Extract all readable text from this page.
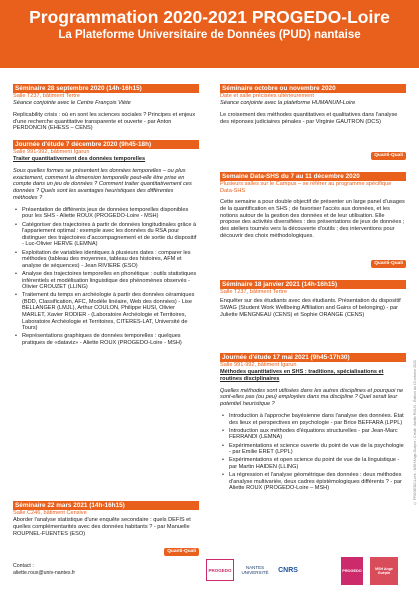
Programmation 2020-2021 PROGEDO-Loire
La Plateforme Universitaire de Données (PUD) nantaise
Séminaire 28 septembre 2020 (14h-16h15)
Salle T237, bâtiment Tertre
Séance conjointe avec le Centre François Viète
Replicability crisis : où en sont les sciences sociales ? Principes et enjeux d'une recherche quantitative transparente et ouverte - par Anton PERDONCIN (EHESS – CENS)
Journée d'étude 7 décembre 2020 (9h45-18h)
Salle 991-992, bâtiment Igarun
Traiter quantitativement des données temporelles
Sous quelles formes se présentent les données temporelles – ou plus exactement, comment la dimension temporelle peut-elle être prise en compte dans un jeu de données ? Comment traiter quantitativement ces données ? Quels sont les avantages heuristiques des différentes méthodes ?
• Présentation de différents jeux de données temporelles disponibles pour les SHS - Aliette ROUX (PROGEDO-Loire - MSH)
• Catégoriser des trajectoires à partir de données longitudinales grâce à l'appariement optimal : exemple avec les données du RSA pour distinguer des trajectoires d'accompagnement et de sortie du dispositif - Luc-Olivier HERVE (LEMNA)
• Exploitation de variables identiques à plusieurs dates : comparer les méthodes (tableau des moyennes, tableau des histoires, AFM et analyse de séquences) - Jean RIVIERE (ESO)
• Analyse des trajectoires temporelles en phonétique : outils statistiques inférentiels et modélisation linguistique des phénomènes observés - Olivier CROUZET (LLING)
• Traitement du temps en archéologie à partir des données céramiques (BDD, Classification, AFC, Modèle linéaire, Web des données) - Lise BELLANGER (LMJL), Arthur COULON, Philippe HUSI, Olivier MARLET, Xavier RODIER - (Laboratoire Archéologie et Territoires, Laboratoire Archéologie et Territoires, CITERES-LAT, Université de Tours)
• Représentations graphiques de données temporelles : quelques pratiques de «dataviz» - Aliette ROUX (PROGEDO-Loire - MSH)
Séminaire 22 mars 2021 (14h-16h15)
Salle C246, bâtiment Censive
Aborder l'analyse statistique d'une enquête secondaire : quels DEFIS et quelles complémentarités avec des données habitants ? - par Manuelle ROUPNEL-FUENTES (ESO)
Quanti-Quali
Séminaire octobre ou novembre 2020
Date et salle précisées ultérieurement
Séance conjointe avec la plateforme HUMANUM-Loire
Le croisement des méthodes quantitatives et qualitatives dans l'analyse des réponses judiciaires pénales - par Virginie GAUTRON (DCS)
Quanti-Quali
Semaine Data-SHS du 7 au 11 décembre 2020
Plusieurs salles sur le Campus – se référer au programme spécifique Data-SHS
Cette semaine a pour double objectif de présenter un large panel d'usages de la quantification en SHS ; de favoriser l'accès aux données, et les notions autour de la gestion des données et de leur utilisation. Elle propose des activités diversifiées : des présentations de jeux de données ; des ateliers tournés vers la découverte d'outils ; des interventions pour découvrir des choix méthodologiques.
Quanti-Quali
Séminaire 18 janvier 2021 (14h-16h15)
Salle T237, bâtiment Tertre
Enquêter sur des étudiants avec des étudiants. Présentation du dispositif SWAG (Student Work Wellbeing Affiliation and Gains of belonging) - par Juliette MENGNEAU (CENS) et Sophie ORANGE (CENS)
Journée d'étude 17 mai 2021 (9h45-17h30)
Salle 991-992, bâtiment Igarun
Méthodes quantitatives en SHS : traditions, spécialisations et routines disciplinaires
Quelles méthodes sont utilisées dans les autres disciplines et pourquoi ne sont-elles pas (ou peu) employées dans ma discipline ? Quel serait leur potentiel heuristique ?
• Introduction à l'approche bayésienne dans l'analyse des données. État des lieux et perspectives en psychologie - par Brice BEFFARA (LPPL)
• Introduction aux méthodes d'équations structurelles - par Jean-Marc FERRANDI (LEMNA)
• Expérimentations et science ouverte du point de vue de la psychologie - par Emilie ERET (LPPL)
• Expérimentations et open science du point de vue de la linguistique - par Martin HAIDEN (LLING)
• La régression et l'analyse géométrique des données : deux méthodes d'analyse multivariée, deux cadres épistémologiques différents ? - par Aliette ROUX (PROGEDO-Loire – MSH)	© PROGEDO-Loire - MSH Ange-Guépin - Crédit : Aliette ROUX - Édition du 15 octobre 2020
Contact :
aliette.roux@univ-nantes.fr	PROGEDO	NANTES UNIVERSITÉ	CNRS	PROGEDO	MSH Ange Guépin
